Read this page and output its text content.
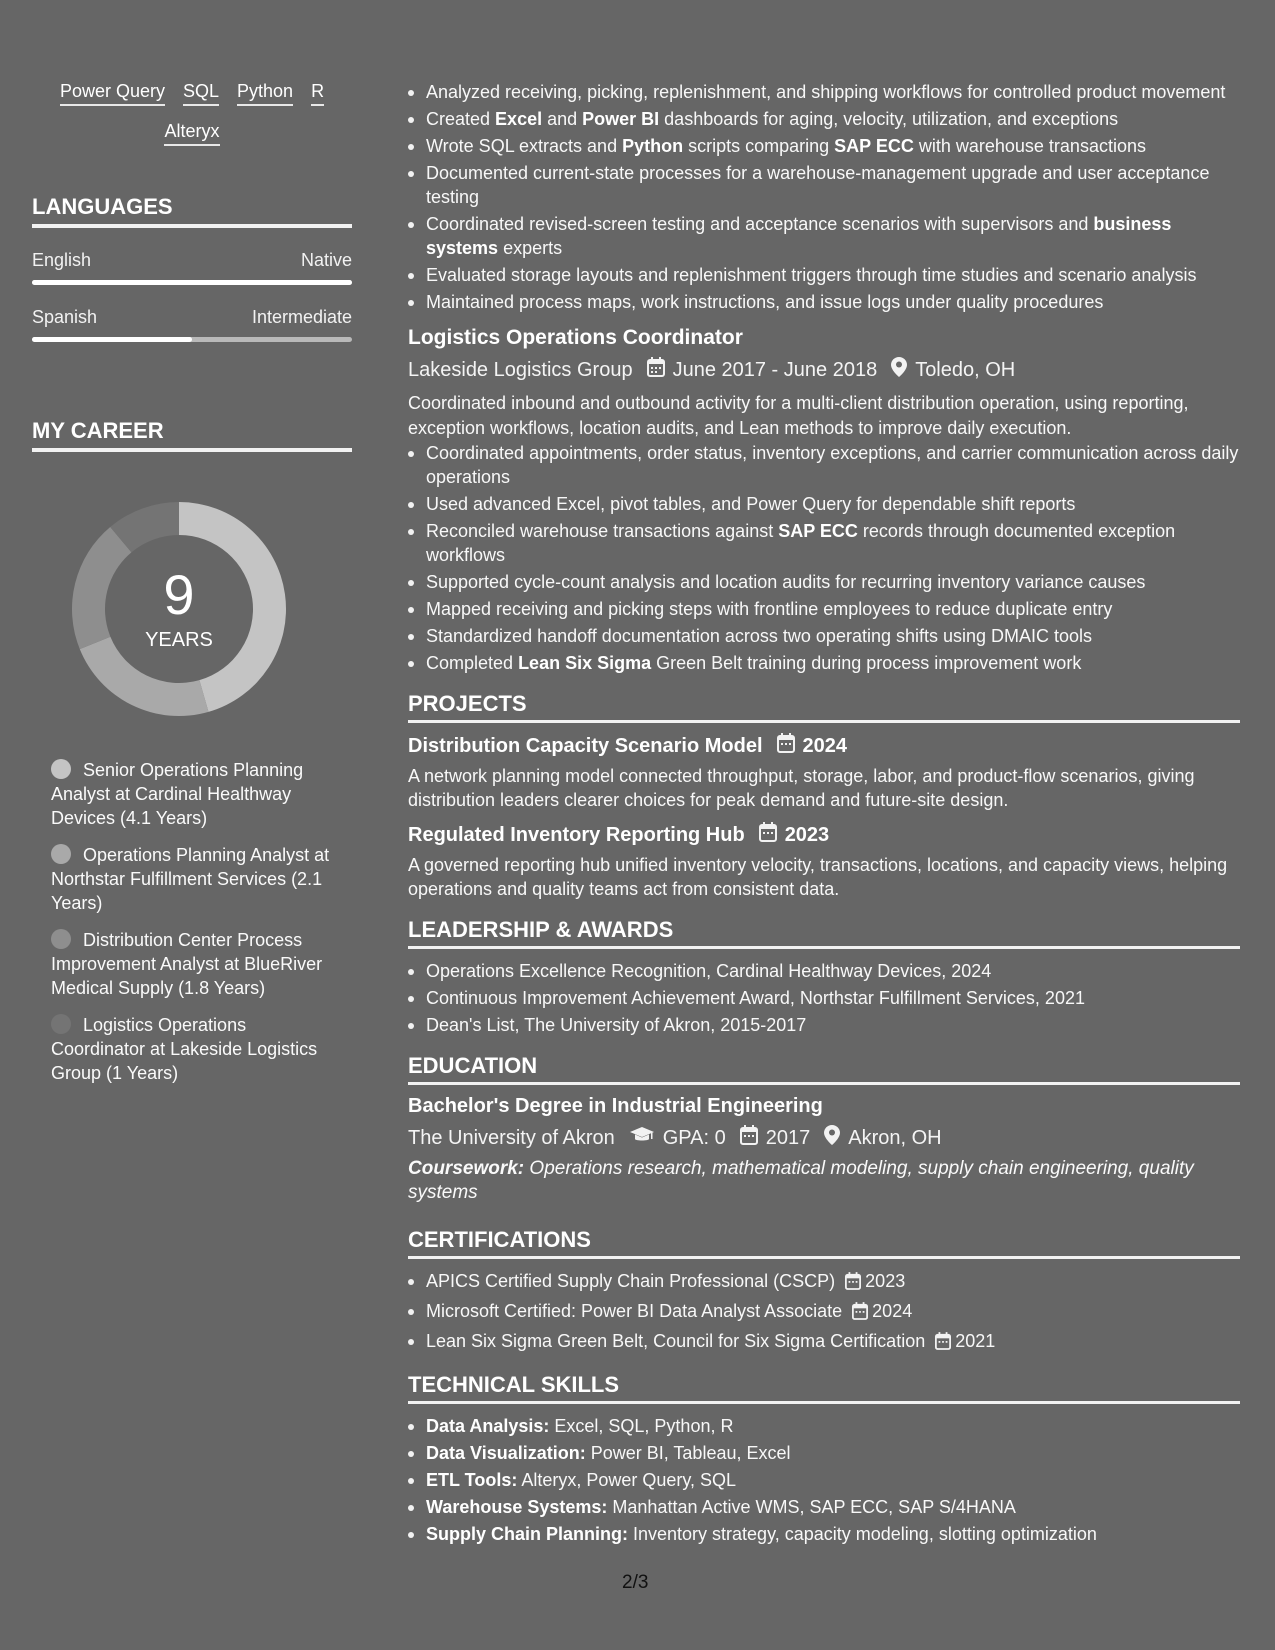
Power Query SQL Python R
Alteryx
LANGUAGES
English	Native
Spanish	Intermediate
MY CAREER
9
YEARS
Senior Operations Planning Analyst at Cardinal Healthway Devices (4.1 Years)
Operations Planning Analyst at Northstar Fulfillment Services (2.1 Years)
Distribution Center Process Improvement Analyst at BlueRiver Medical Supply (1.8 Years)
Logistics Operations Coordinator at Lakeside Logistics Group (1 Years)
Analyzed receiving, picking, replenishment, and shipping workflows for controlled product movement
Created Excel and Power BI dashboards for aging, velocity, utilization, and exceptions
Wrote SQL extracts and Python scripts comparing SAP ECC with warehouse transactions
Documented current-state processes for a warehouse-management upgrade and user acceptance testing
Coordinated revised-screen testing and acceptance scenarios with supervisors and business systems experts
Evaluated storage layouts and replenishment triggers through time studies and scenario analysis
Maintained process maps, work instructions, and issue logs under quality procedures
Logistics Operations Coordinator
Lakeside Logistics Group June 2017 - June 2018 Toledo, OH
Coordinated inbound and outbound activity for a multi-client distribution operation, using reporting, exception workflows, location audits, and Lean methods to improve daily execution.
Coordinated appointments, order status, inventory exceptions, and carrier communication across daily operations
Used advanced Excel, pivot tables, and Power Query for dependable shift reports
Reconciled warehouse transactions against SAP ECC records through documented exception workflows
Supported cycle-count analysis and location audits for recurring inventory variance causes
Mapped receiving and picking steps with frontline employees to reduce duplicate entry
Standardized handoff documentation across two operating shifts using DMAIC tools
Completed Lean Six Sigma Green Belt training during process improvement work
PROJECTS
Distribution Capacity Scenario Model 2024
A network planning model connected throughput, storage, labor, and product-flow scenarios, giving distribution leaders clearer choices for peak demand and future-site design.
Regulated Inventory Reporting Hub 2023
A governed reporting hub unified inventory velocity, transactions, locations, and capacity views, helping operations and quality teams act from consistent data.
LEADERSHIP & AWARDS
Operations Excellence Recognition, Cardinal Healthway Devices, 2024
Continuous Improvement Achievement Award, Northstar Fulfillment Services, 2021
Dean's List, The University of Akron, 2015-2017
EDUCATION
Bachelor's Degree in Industrial Engineering
The University of Akron GPA: 0 2017 Akron, OH
Coursework: Operations research, mathematical modeling, supply chain engineering, quality systems
CERTIFICATIONS
APICS Certified Supply Chain Professional (CSCP) 2023
Microsoft Certified: Power BI Data Analyst Associate 2024
Lean Six Sigma Green Belt, Council for Six Sigma Certification 2021
TECHNICAL SKILLS
Data Analysis: Excel, SQL, Python, R
Data Visualization: Power BI, Tableau, Excel
ETL Tools: Alteryx, Power Query, SQL
Warehouse Systems: Manhattan Active WMS, SAP ECC, SAP S/4HANA
Supply Chain Planning: Inventory strategy, capacity modeling, slotting optimization
2/3
